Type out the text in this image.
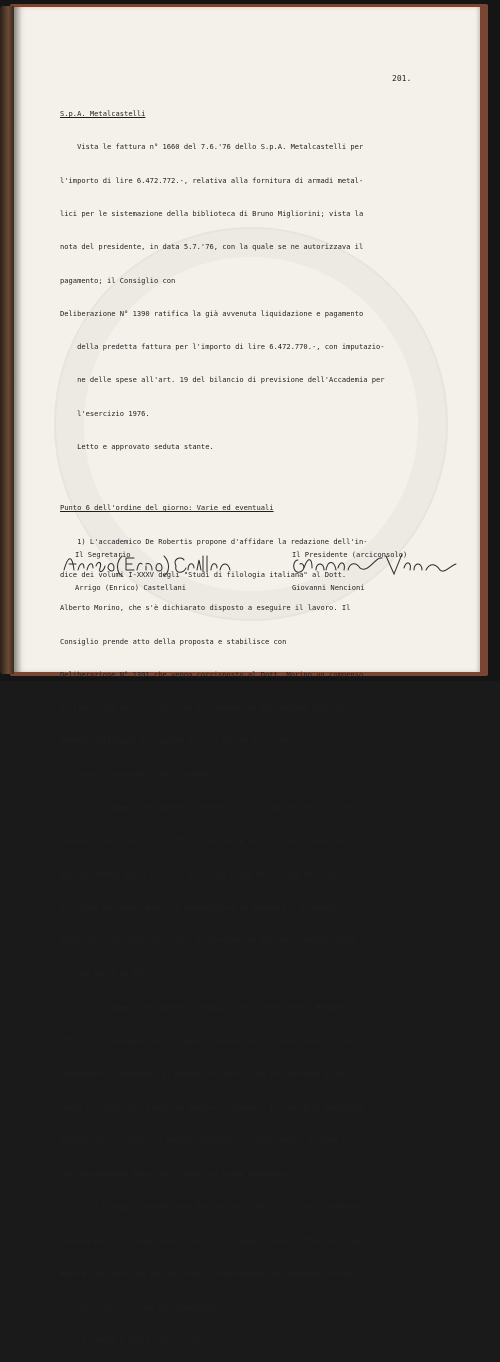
201.

S.p.A. Metalcastelli

Vista le fattura n° 1660 del 7.6.'76 dello S.p.A. Metalcastelli per

l'importo di lire 6.472.772.-, relativa alla fornitura di armadi metal-

lici per le sistemazione della biblioteca di Bruno Migliorini; vista la

nota del presidente, in data 5.7.'76, con la quale se ne autorizzava il

pagamento; il Consiglio con

Deliberazione N° 1390 ratifica la già avvenuta liquidazione e pagamento

della predetta fattura per l'importo di lire 6.472.770.-, con imputazio-

ne delle spese all'art. 19 del bilancio di previsione dell'Accademia per

l'esercizio 1976.

Letto e approvato seduta stante.

Punto 6 dell'ordine del giorno: Varie ed eventuali

1) L'accademico De Robertis propone d'affidare la redazione dell'in-

dice dei volumi I-XXXV degli "Studi di filologia italiana" al Dott.

Alberto Morino, che s'è dichiarato disposto a eseguire il lavoro. Il

Consiglio prende atto della proposta e stabilisce con

Deliberazione N° 1391 che venga corrisposto al Dott. Morino un compenso

di lire 1.750.000.-, lorde, non escludendo che gli vengano fatti pa-

gamenti anticipati in ragione di lire 50.000 il volume.

Letto e approvato seduta stante.

2) L'accademico De Robertis informa che i volumi del Morino e del

Serianni (nella serie "Scrittori italiani e testi antichi pubblicati

dall'Accademia della Crusca") usciranno prima della fine dell'anno.

Il volume del Pozzo andrà in composizione in novembre o dicembre;

quello dell'Agostini poco dopo. Si prevede che entrambi vedranno dati

in luce entro il 1977.

3) L'accademico De Robertis comunica che il Dott. Paolo Bongrani

offrirà all'Accademia per la pubblicazione nella stessa serie la sua

edizione del Canzoniere di Gasparo Visconti, con introduzione e glos-

sario (in tutto circa 400-450 pagine di stampa). Il Consiglio manifesta

disposizioni in linea di massima favorevoli, riservandosi di dare la

sua approvazione dopo che l'opera sia stata esaminata.

4) Il Consiglio prende atto del desiderio del socio corrispondente

Gerhard Rohlfs di veder pubblicata in un quaderno degli "Studi di gram-

matica italiana" una sua raccolta d'osservazioni sui dialetti toscani

(la raccolta è in fase di preparazione).

La seduta è tolta alle ore 14.

Il Segretario

Arrigo (Enrico) Castellani

Il Presidente (arciconsolo)

Giovanni Nencioni
